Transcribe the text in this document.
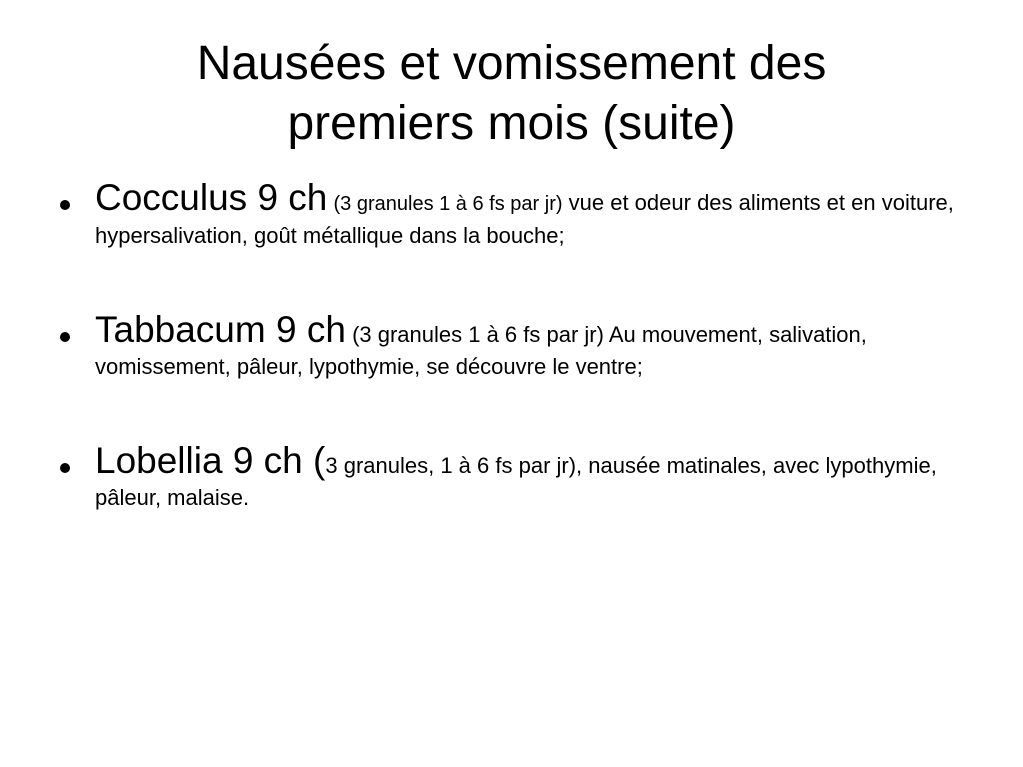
Nausées et vomissement des
premiers mois (suite)
Cocculus 9 ch (3 granules 1 à 6 fs par jr) vue et odeur des aliments et en voiture, hypersalivation, goût métallique dans la bouche;
Tabbacum 9 ch (3 granules 1 à 6 fs par jr) Au mouvement, salivation, vomissement, pâleur, lypothymie, se découvre le ventre;
Lobellia 9 ch (3 granules, 1 à 6 fs par jr), nausée matinales, avec lypothymie, pâleur, malaise.
